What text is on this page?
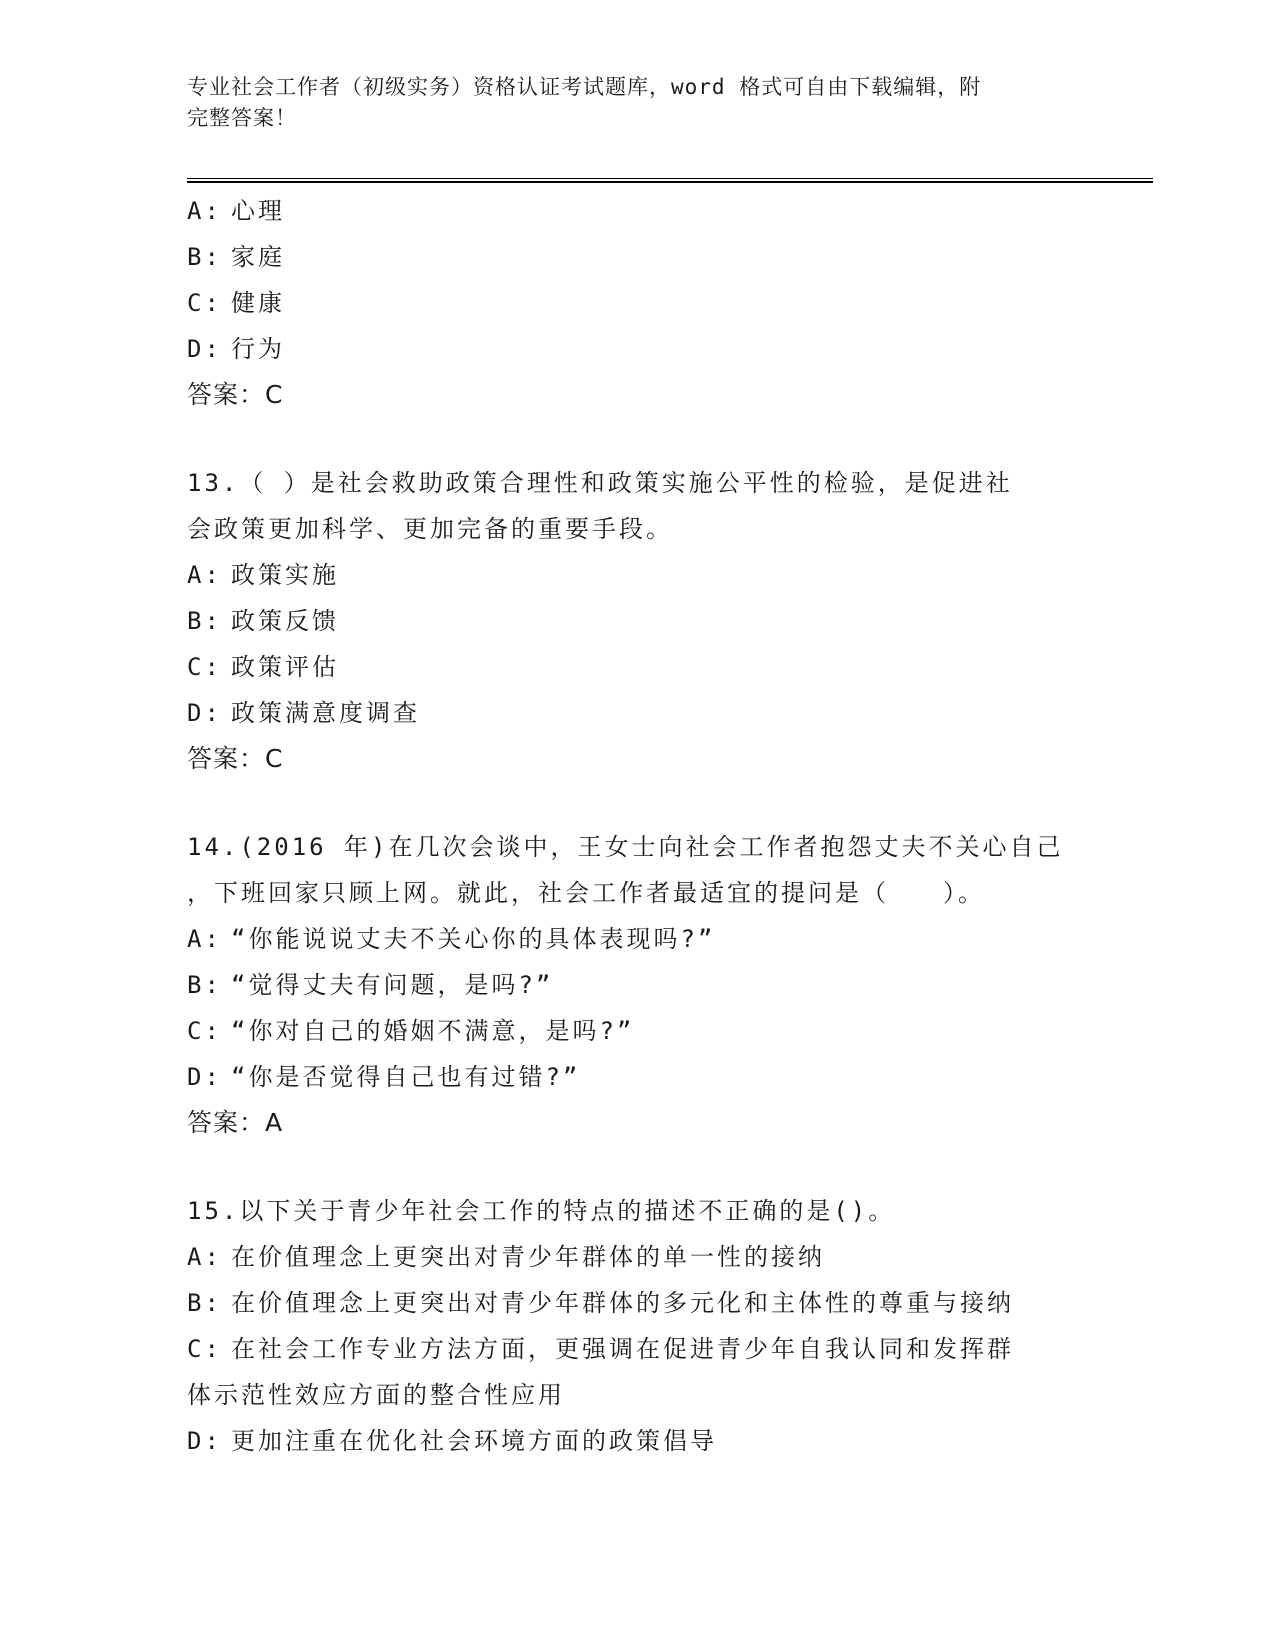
专业社会工作者（初级实务）资格认证考试题库，word 格式可自由下载编辑，附
完整答案！
A: 心理
B: 家庭
C: 健康
D: 行为
答案：C
13.（ ）是社会救助政策合理性和政策实施公平性的检验，是促进社
会政策更加科学、更加完备的重要手段。
A: 政策实施
B: 政策反馈
C: 政策评估
D: 政策满意度调查
答案：C
14.(2016 年)在几次会谈中，王女士向社会工作者抱怨丈夫不关心自己
，下班回家只顾上网。就此，社会工作者最适宜的提问是（　　）。
A: “你能说说丈夫不关心你的具体表现吗?”
B: “觉得丈夫有问题，是吗?”
C: “你对自己的婚姻不满意，是吗?”
D: “你是否觉得自己也有过错?”
答案：A
15.以下关于青少年社会工作的特点的描述不正确的是()。
A: 在价值理念上更突出对青少年群体的单一性的接纳
B: 在价值理念上更突出对青少年群体的多元化和主体性的尊重与接纳
C: 在社会工作专业方法方面，更强调在促进青少年自我认同和发挥群
体示范性效应方面的整合性应用
D: 更加注重在优化社会环境方面的政策倡导
